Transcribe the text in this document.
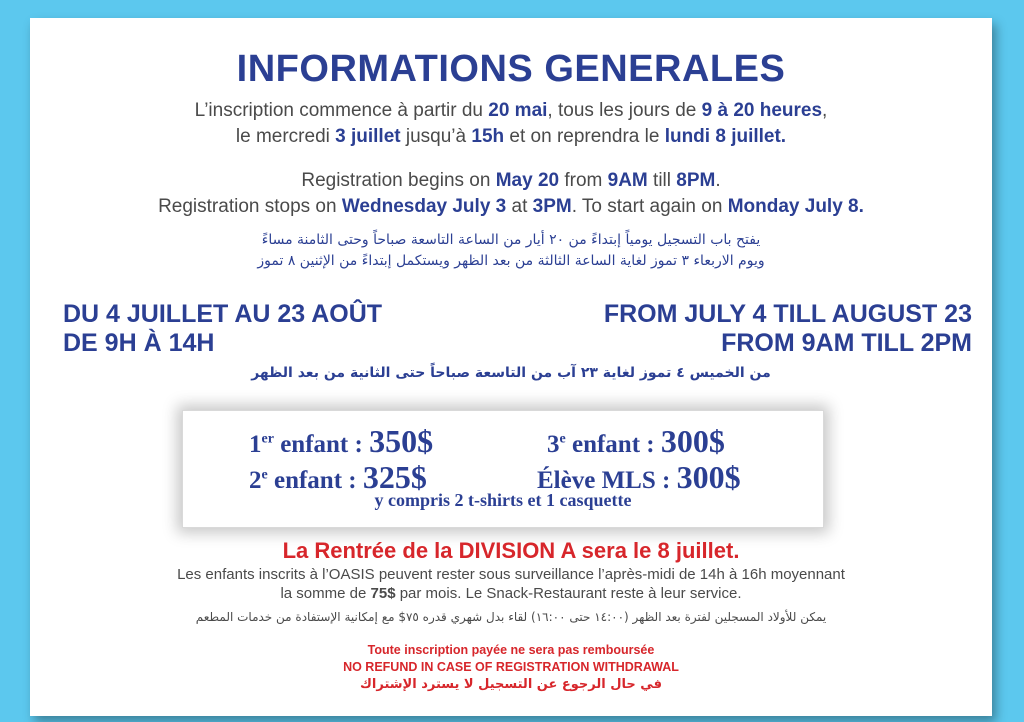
INFORMATIONS GENERALES
L’inscription commence à partir du 20 mai, tous les jours de 9 à 20 heures,
le mercredi 3 juillet jusqu’à 15h et on reprendra le lundi 8 juillet.
Registration begins on May 20 from 9AM till 8PM.
Registration stops on Wednesday July 3 at 3PM. To start again on Monday July 8.
يفتح باب التسجيل يومياً إبتداءً من ٢٠ أيار من الساعة التاسعة صباحاً وحتى الثامنة مساءً
ويوم الاربعاء ٣ تموز لغاية الساعة الثالثة من بعد الظهر ويستكمل إبتداءً من الإثنين ٨ تموز
DU 4 JUILLET AU 23 AOÛT
DE 9H À 14H
FROM JULY 4 TILL AUGUST 23
FROM 9AM TILL 2PM
من الخميس ٤ تموز لغاية ٢٣ آب من التاسعة صباحاً حتى الثانية من بعد الظهر
1er enfant : 350$
2e enfant : 325$
3e enfant : 300$
Élève MLS : 300$
y compris 2 t-shirts et 1 casquette
La Rentrée de la DIVISION A sera le 8 juillet.
Les enfants inscrits à l’OASIS peuvent rester sous surveillance l’après-midi de 14h à 16h moyennant
la somme de 75$ par mois. Le Snack-Restaurant reste à leur service.
يمكن للأولاد المسجلين لفترة بعد الظهر (١٤:٠٠ حتى ١٦:٠٠) لقاء بدل شهري قدره ٧٥$ مع إمكانية الإستفادة من خدمات المطعم
Toute inscription payée ne sera pas remboursée
NO REFUND IN CASE OF REGISTRATION WITHDRAWAL
في حال الرجوع عن التسجيل لا يسترد الإشتراك
